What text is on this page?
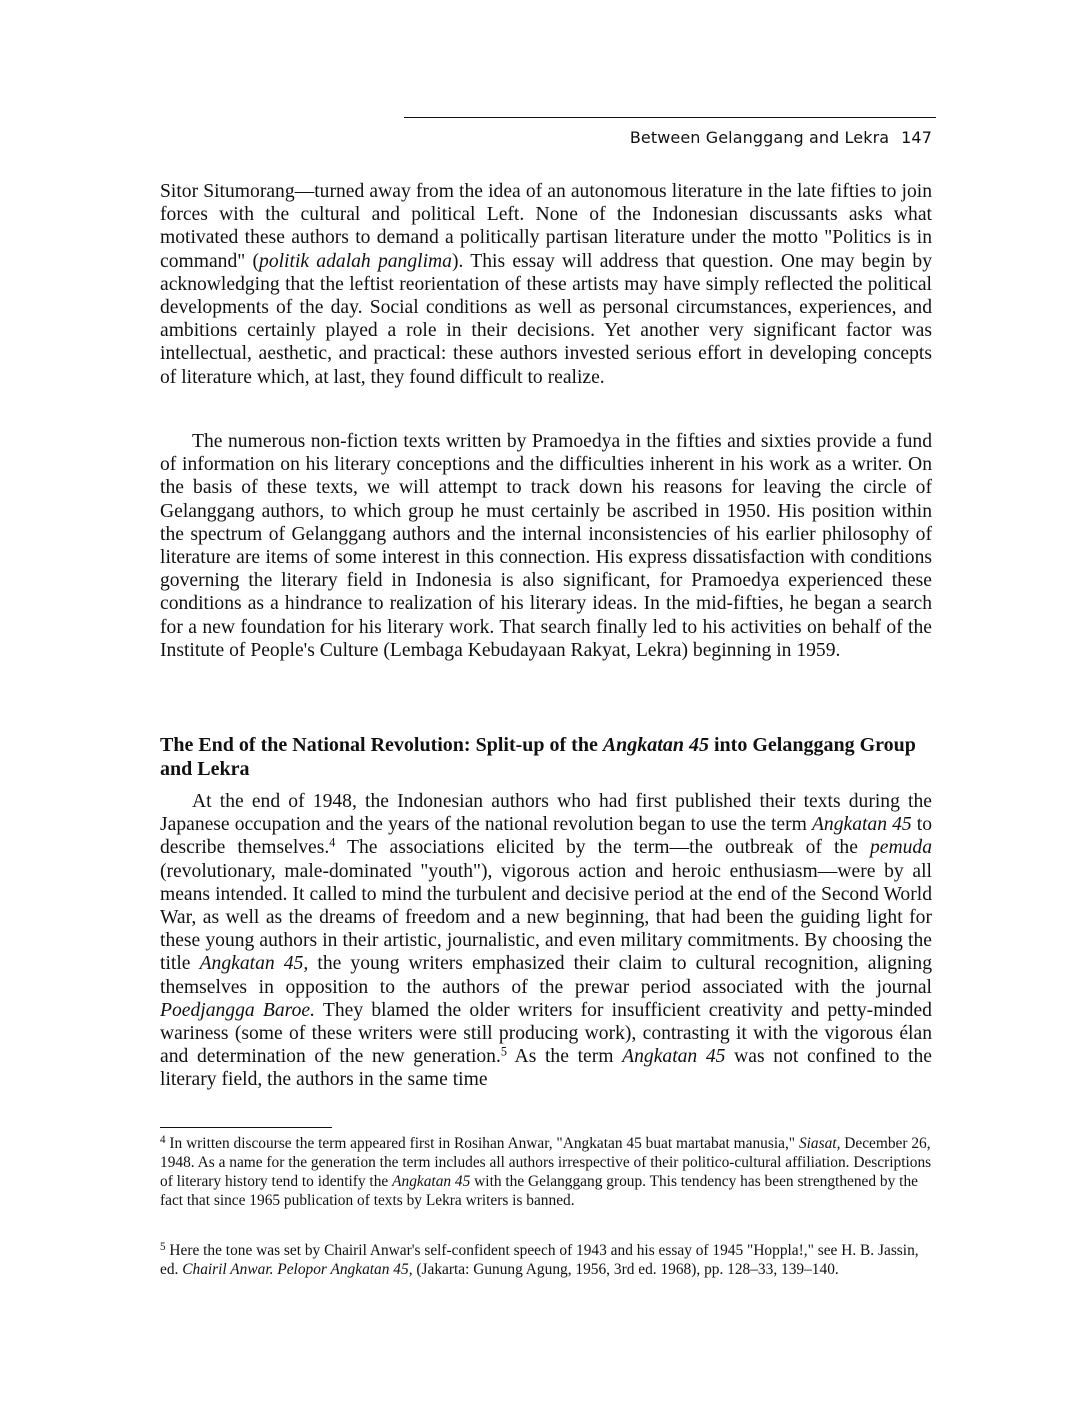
Between Gelanggang and Lekra 147

Sitor Situmorang—turned away from the idea of an autonomous literature in the late fifties to join forces with the cultural and political Left. None of the Indonesian discussants asks what motivated these authors to demand a politically partisan literature under the motto "Politics is in command" (politik adalah panglima). This essay will address that question. One may begin by acknowledging that the leftist reorientation of these artists may have simply reflected the political developments of the day. Social conditions as well as personal circumstances, experiences, and ambitions certainly played a role in their decisions. Yet another very significant factor was intellectual, aesthetic, and practical: these authors invested serious effort in developing concepts of literature which, at last, they found difficult to realize.

The numerous non-fiction texts written by Pramoedya in the fifties and sixties provide a fund of information on his literary conceptions and the difficulties inherent in his work as a writer. On the basis of these texts, we will attempt to track down his reasons for leaving the circle of Gelanggang authors, to which group he must certainly be ascribed in 1950. His position within the spectrum of Gelanggang authors and the internal inconsistencies of his earlier philosophy of literature are items of some interest in this connection. His express dissatisfaction with conditions governing the literary field in Indonesia is also significant, for Pramoedya experienced these conditions as a hindrance to realization of his literary ideas. In the mid-fifties, he began a search for a new foundation for his literary work. That search finally led to his activities on behalf of the Institute of People's Culture (Lembaga Kebudayaan Rakyat, Lekra) beginning in 1959.

The End of the National Revolution: Split-up of the Angkatan 45 into Gelanggang Group and Lekra

At the end of 1948, the Indonesian authors who had first published their texts during the Japanese occupation and the years of the national revolution began to use the term Angkatan 45 to describe themselves.$^4$ The associations elicited by the term—the outbreak of the pemuda (revolutionary, male-dominated "youth"), vigorous action and heroic enthusiasm—were by all means intended. It called to mind the turbulent and decisive period at the end of the Second World War, as well as the dreams of freedom and a new beginning, that had been the guiding light for these young authors in their artistic, journalistic, and even military commitments. By choosing the title Angkatan 45, the young writers emphasized their claim to cultural recognition, aligning themselves in opposition to the authors of the prewar period associated with the journal Poedjangga Baroe. They blamed the older writers for insufficient creativity and petty-minded wariness (some of these writers were still producing work), contrasting it with the vigorous élan and determination of the new generation.$^5$ As the term Angkatan 45 was not confined to the literary field, the authors in the same time

$^4$ In written discourse the term appeared first in Rosihan Anwar, "Angkatan 45 buat martabat manusia," Siasat, December 26, 1948. As a name for the generation the term includes all authors irrespective of their politico-cultural affiliation. Descriptions of literary history tend to identify the Angkatan 45 with the Gelanggang group. This tendency has been strengthened by the fact that since 1965 publication of texts by Lekra writers is banned.

$^5$ Here the tone was set by Chairil Anwar's self-confident speech of 1943 and his essay of 1945 "Hoppla!," see H. B. Jassin, ed. Chairil Anwar. Pelopor Angkatan 45, (Jakarta: Gunung Agung, 1956, 3rd ed. 1968), pp. 128–33, 139–140.
